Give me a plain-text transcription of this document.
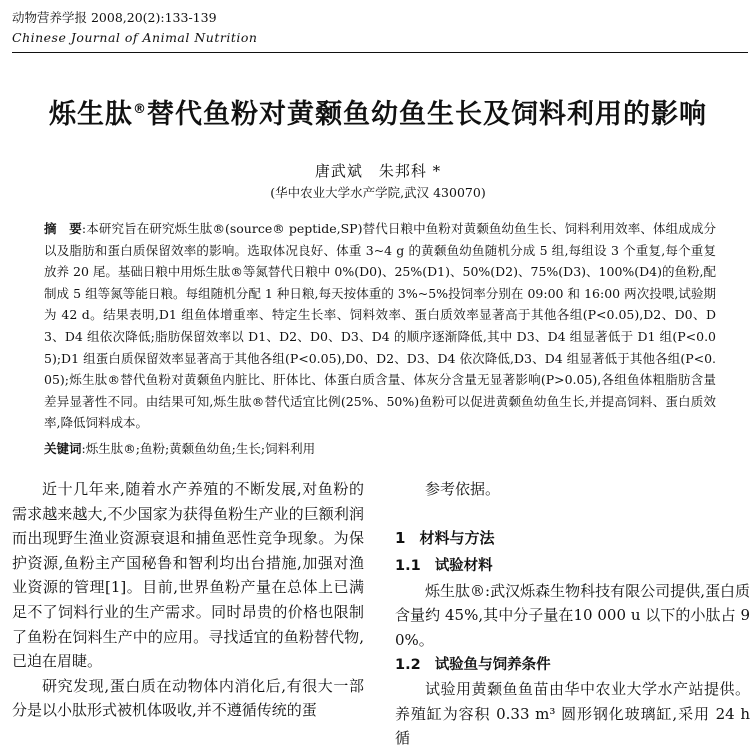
动物营养学报 2008,20(2):133-139
Chinese Journal of Animal Nutrition
烁生肽®替代鱼粉对黄颡鱼幼鱼生长及饲料利用的影响
唐武斌　朱邦科 *
(华中农业大学水产学院,武汉 430070)
摘　要:本研究旨在研究烁生肽®(source® peptide,SP)替代日粮中鱼粉对黄颡鱼幼鱼生长、饲料利用效率、体组成成分以及脂肪和蛋白质保留效率的影响。选取体况良好、体重 3~4 g 的黄颡鱼幼鱼随机分成 5 组,每组设 3 个重复,每个重复放养 20 尾。基础日粮中用烁生肽®等氮替代日粮中 0%(D0)、25%(D1)、50%(D2)、75%(D3)、100%(D4)的鱼粉,配制成 5 组等氮等能日粮。每组随机分配 1 种日粮,每天按体重的 3%~5%投饲率分别在 09:00 和 16:00 两次投喂,试验期为 42 d。结果表明,D1 组鱼体增重率、特定生长率、饲料效率、蛋白质效率显著高于其他各组(P<0.05),D2、D0、D3、D4 组依次降低;脂肪保留效率以 D1、D2、D0、D3、D4 的顺序逐渐降低,其中 D3、D4 组显著低于 D1 组(P<0.05);D1 组蛋白质保留效率显著高于其他各组(P<0.05),D0、D2、D3、D4 依次降低,D3、D4 组显著低于其他各组(P<0.05);烁生肽®替代鱼粉对黄颡鱼内脏比、肝体比、体蛋白质含量、体灰分含量无显著影响(P>0.05),各组鱼体粗脂肪含量差异显著性不同。由结果可知,烁生肽®替代适宜比例(25%、50%)鱼粉可以促进黄颡鱼幼鱼生长,并提高饲料、蛋白质效率,降低饲料成本。
关键词:烁生肽®;鱼粉;黄颡鱼幼鱼;生长;饲料利用

近十几年来,随着水产养殖的不断发展,对鱼粉的需求越来越大,不少国家为获得鱼粉生产业的巨额利润而出现野生渔业资源衰退和捕鱼恶性竞争现象。为保护资源,鱼粉主产国秘鲁和智利均出台措施,加强对渔业资源的管理[1]。目前,世界鱼粉产量在总体上已满足不了饲料行业的生产需求。同时昂贵的价格也限制了鱼粉在饲料生产中的应用。寻找适宜的鱼粉替代物,已迫在眉睫。

研究发现,蛋白质在动物体内消化后,有很大一部分是以小肽形式被机体吸收,并不遵循传统的蛋

参考依据。

1 材料与方法
1.1 试验材料

烁生肽®:武汉烁森生物科技有限公司提供,蛋白质含量约 45%,其中分子量在10 000 u 以下的小肽占 90%。

1.2 试验鱼与饲养条件

试验用黄颡鱼鱼苗由华中农业大学水产站提供。养殖缸为容积 0.33 m³ 圆形钢化玻璃缸,采用 24 h 循
